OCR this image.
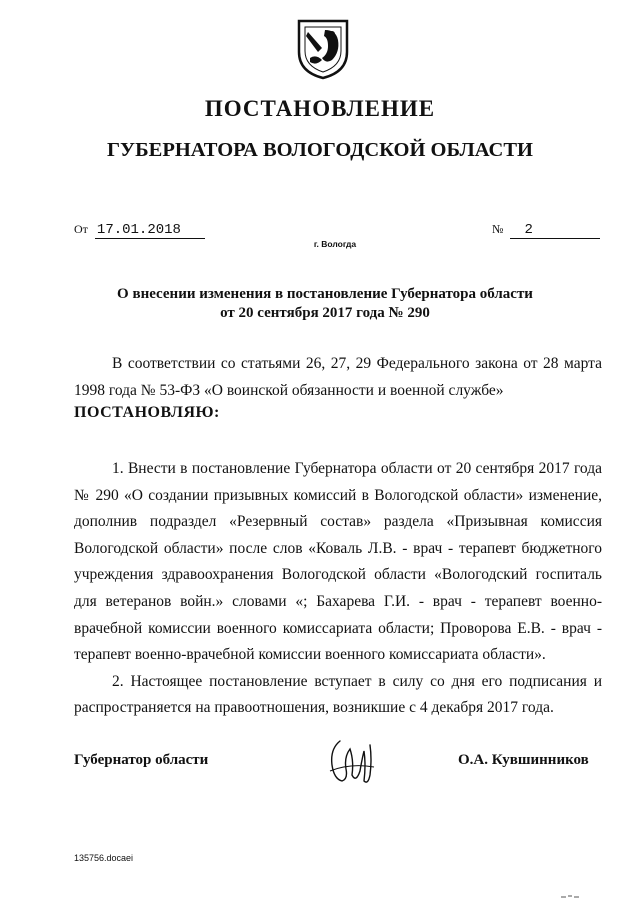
ПОСТАНОВЛЕНИЕ
ГУБЕРНАТОРА ВОЛОГОДСКОЙ ОБЛАСТИ
От 17.01.2018	№ 2
г. Вологда
О внесении изменения в постановление Губернатора области
от 20 сентября 2017 года № 290

В соответствии со статьями 26, 27, 29 Федерального закона от 28 марта 1998 года № 53-ФЗ «О воинской обязанности и военной службе»

ПОСТАНОВЛЯЮ:

1. Внести в постановление Губернатора области от 20 сентября 2017 года № 290 «О создании призывных комиссий в Вологодской области» изменение, дополнив подраздел «Резервный состав» раздела «Призывная комиссия Вологодской области» после слов «Коваль Л.В. - врач - терапевт бюджетного учреждения здравоохранения Вологодской области «Вологодский госпиталь для ветеранов войн.» словами «; Бахарева Г.И. - врач - терапевт военно-врачебной комиссии военного комиссариата области; Проворова Е.В. - врач - терапевт военно-врачебной комиссии военного комиссариата области».

2. Настоящее постановление вступает в силу со дня его подписания и распространяется на правоотношения, возникшие с 4 декабря 2017 года.

Губернатор области	О.А. Кувшинников
135756.docaei
